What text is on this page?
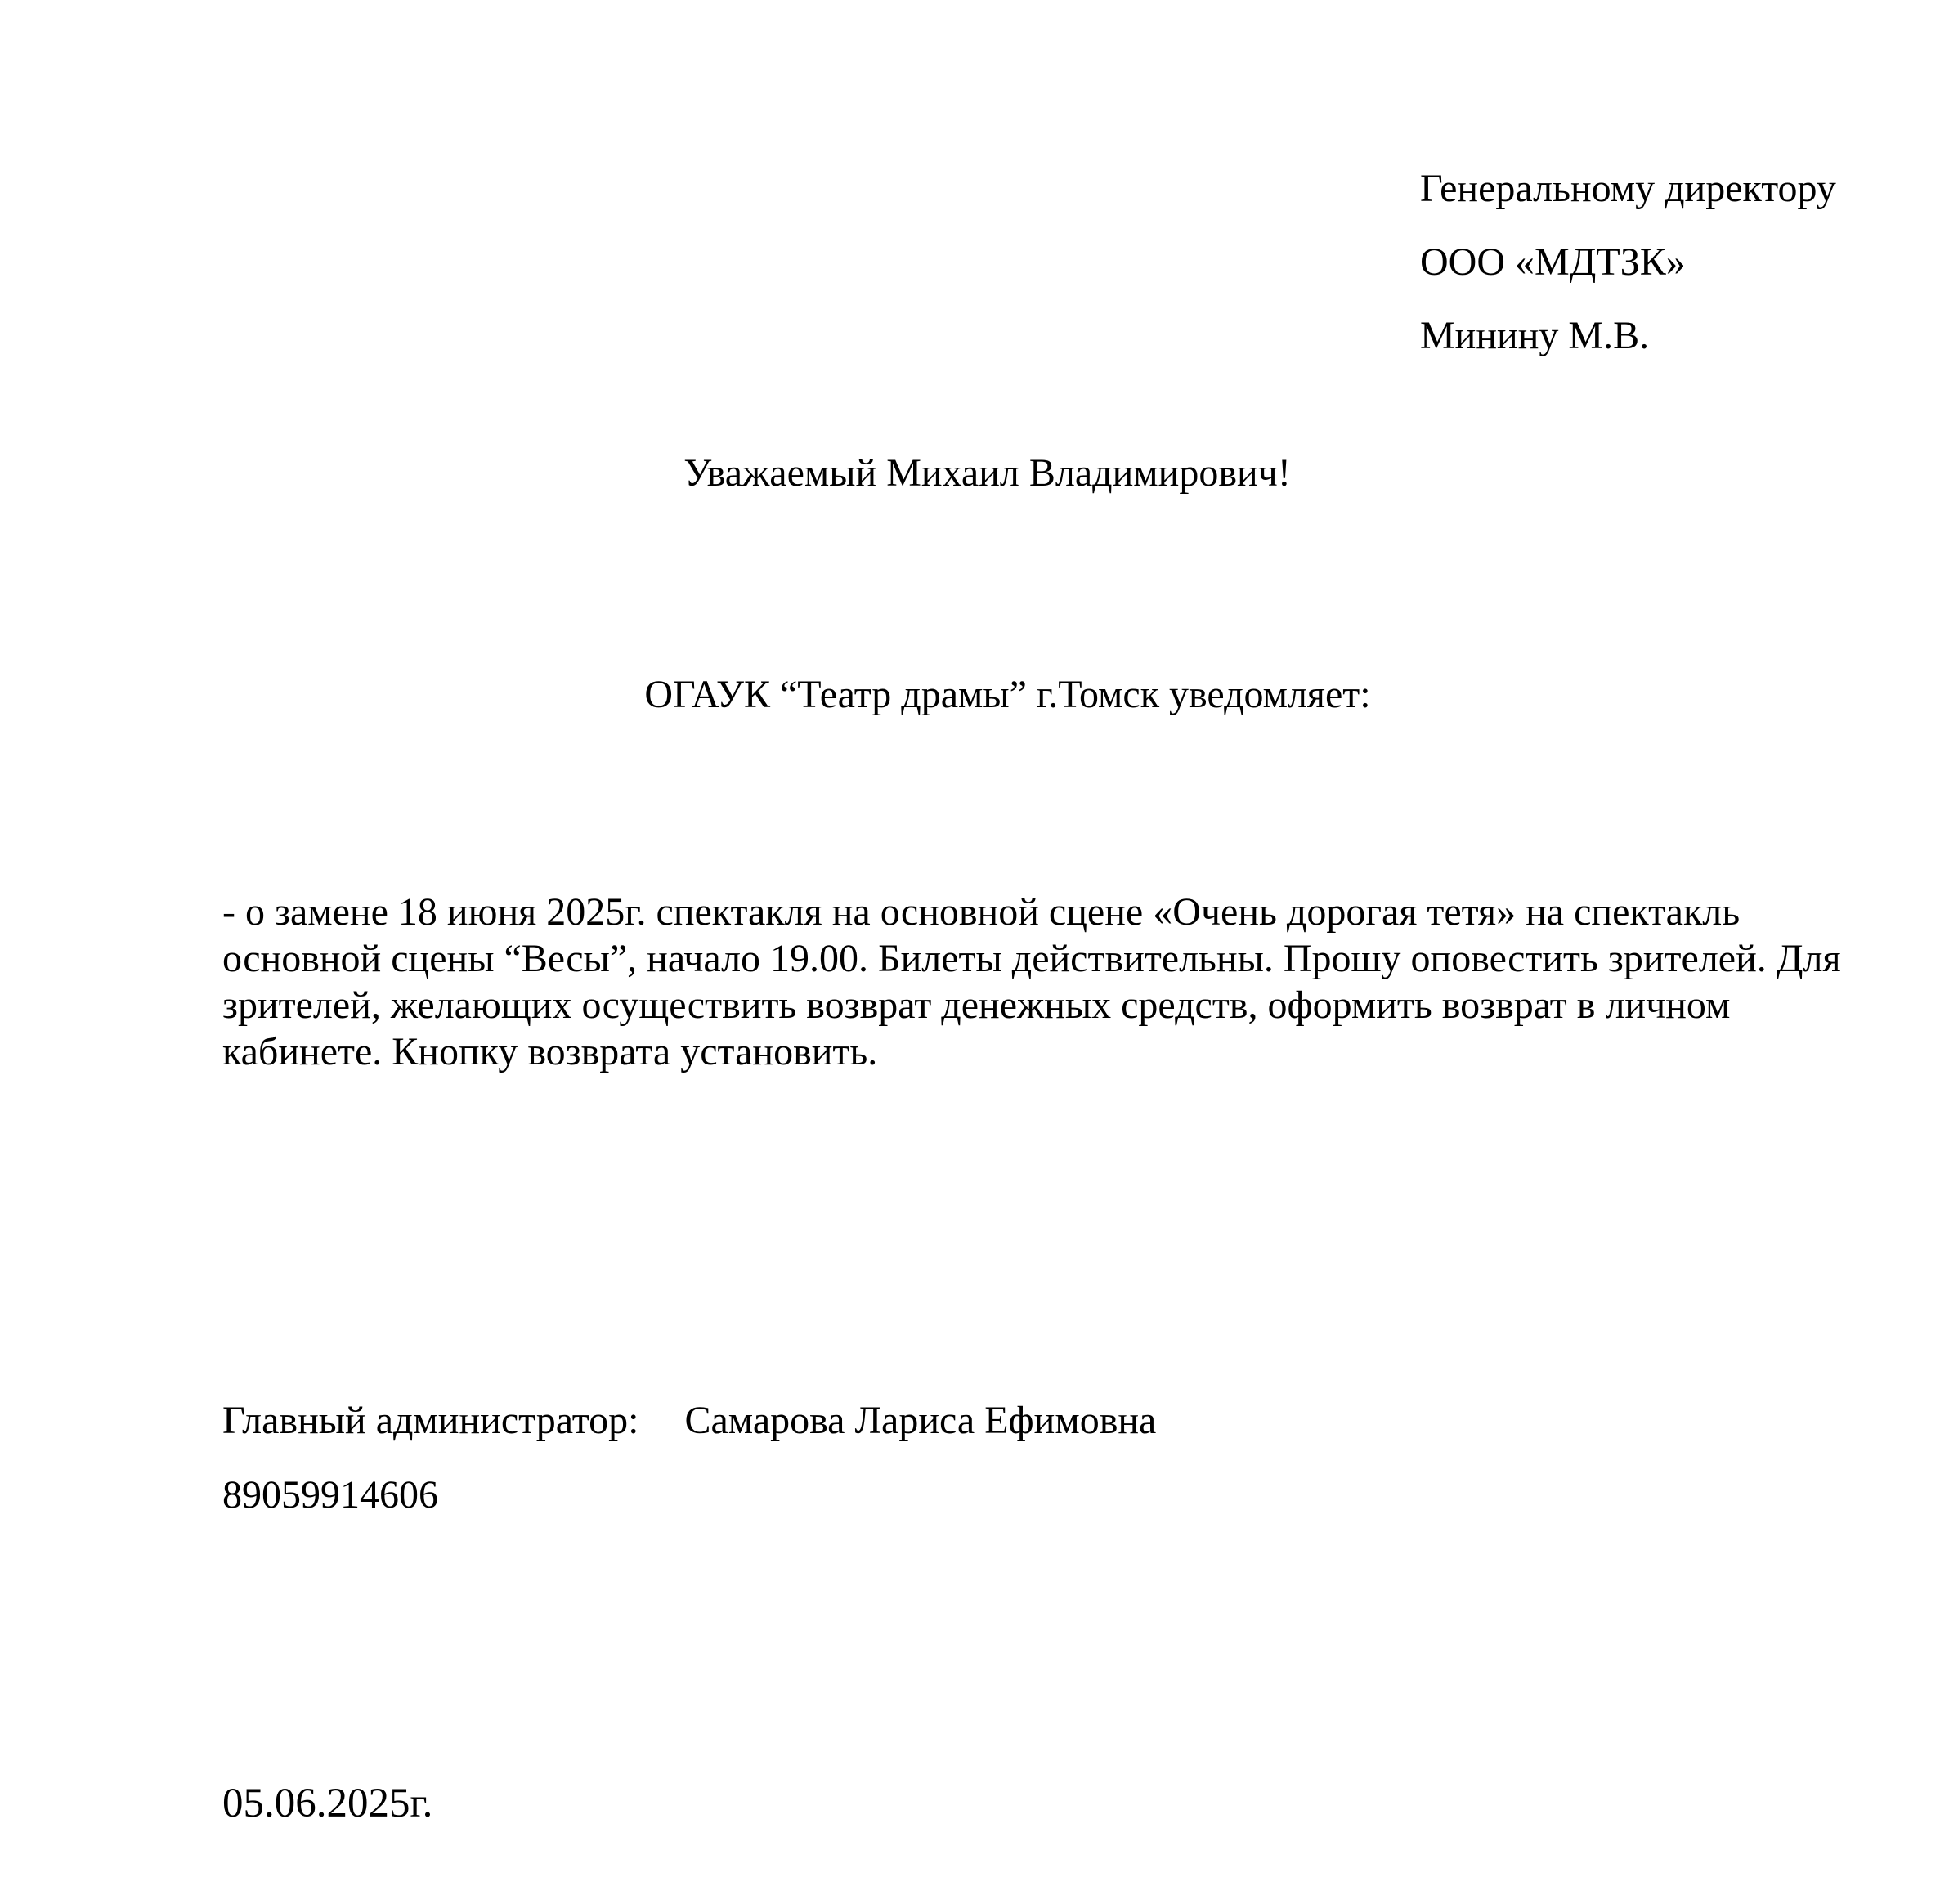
Генеральному директору
ООО «МДТЗК»
Минину М.В.
Уважаемый Михаил Владимирович!
ОГАУК “Театр драмы” г.Томск уведомляет:
- о замене 18 июня 2025г. спектакля на основной сцене «Очень дорогая тетя» на спектакль
основной сцены “Весы”, начало 19.00. Билеты действительны. Прошу оповестить зрителей. Для
зрителей, желающих осуществить возврат денежных средств, оформить возврат в личном
кабинете. Кнопку возврата установить.
Главный администратор: Самарова Лариса Ефимовна
89059914606
05.06.2025г.
